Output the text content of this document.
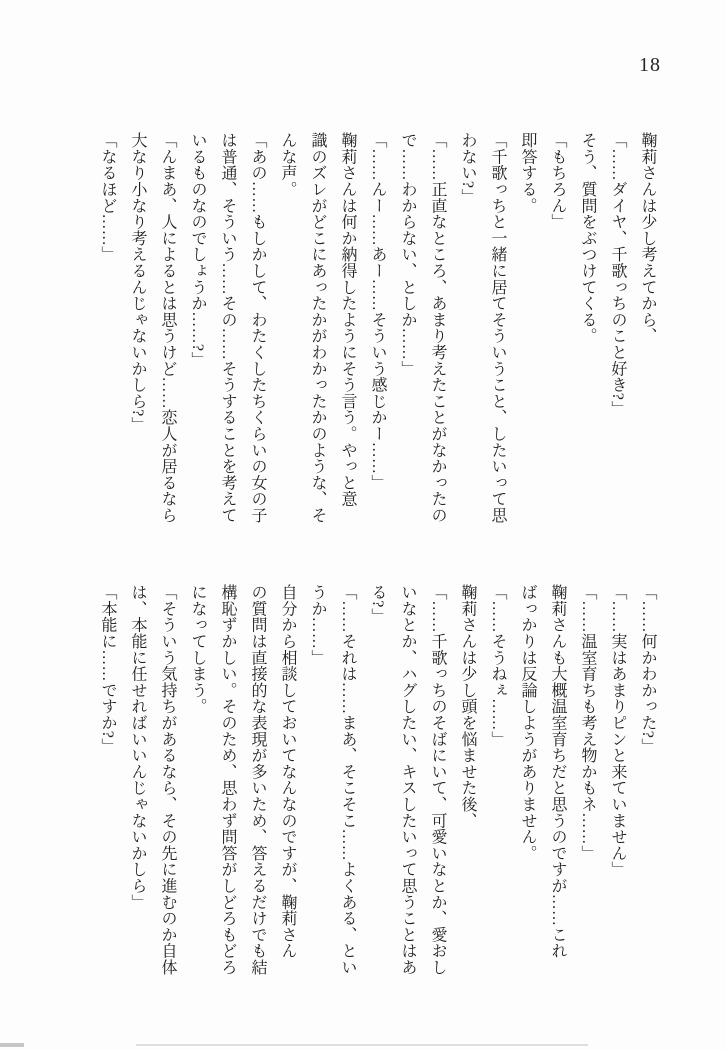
18

鞠莉さんは少し考えてから、

「……ダイヤ、千歌っちのこと好き?」

そう、質問をぶつけてくる。

「もちろん」

即答する。

「千歌っちと一緒に居てそういうこと、したいって思

わない?」

「……正直なところ、あまり考えたことがなかったの

で……わからない、としか……」

「……んー……あー……そういう感じかー……」

鞠莉さんは何か納得したようにそう言う。やっと意

識のズレがどこにあったかがわかったかのような、そ

んな声。

「あの……もしかして、わたくしたちくらいの女の子

は普通、そういう……その……そうすることを考えて

いるものなのでしょうか……?」

「んまあ、人によるとは思うけど……恋人が居るなら

大なり小なり考えるんじゃないかしら?」

「なるほど……」

「……何かわかった?」

「……実はあまりピンと来ていません」

「……温室育ちも考え物かもネ……」

鞠莉さんも大概温室育ちだと思うのですが……これ

ばっかりは反論しようがありません。

「……そうねぇ……」

鞠莉さんは少し頭を悩ませた後、

「……千歌っちのそばにいて、可愛いなとか、愛おし

いなとか、ハグしたい、キスしたいって思うことはあ

る?」

「……それは……まあ、そこそこ……よくある、とい

うか……」

自分から相談しておいてなんなのですが、鞠莉さん

の質問は直接的な表現が多いため、答えるだけでも結

構恥ずかしい。そのため、思わず問答がしどろもどろ

になってしまう。

「そういう気持ちがあるなら、その先に進むのか自体

は、本能に任せればいいんじゃないかしら」

「本能に……ですか?」
